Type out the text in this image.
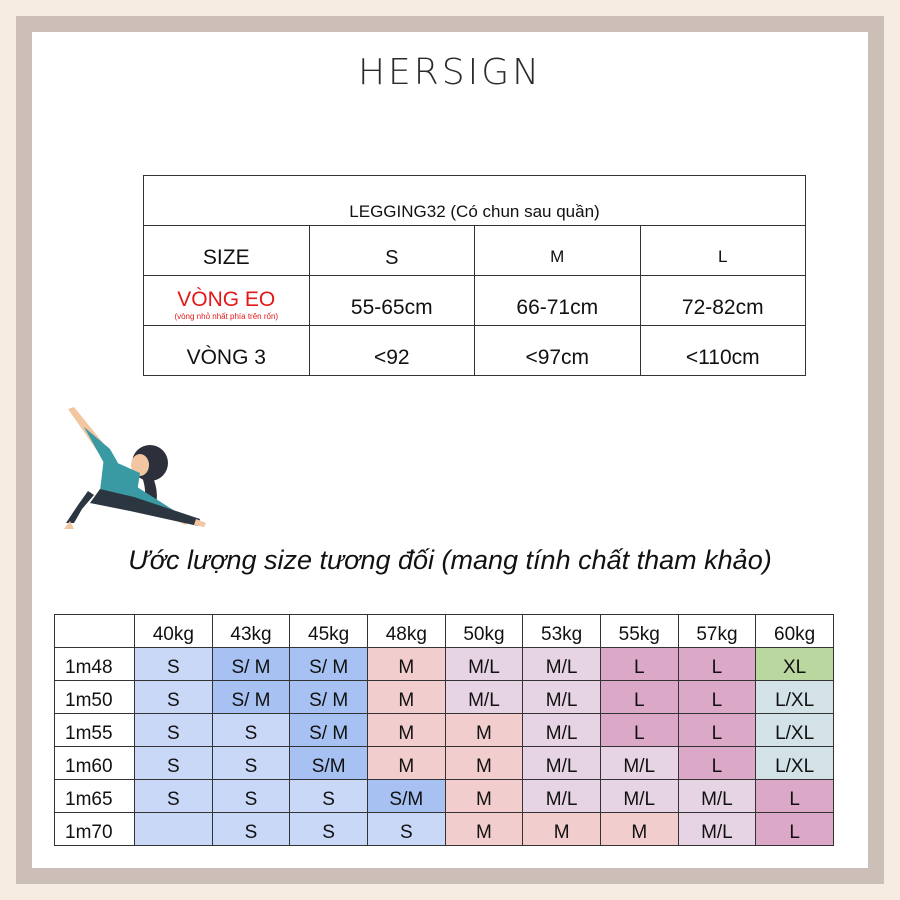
HERSIGN
LEGGING32 (Có chun sau quần)			
SIZE	S	M	L
VÒNG EO
(vòng nhỏ nhất phía trên rốn)	55-65cm	66-71cm	72-82cm
VÒNG 3	<92	<97cm	<110cm
Ước lượng size tương đối (mang tính chất tham khảo)
	40kg	43kg	45kg	48kg	50kg	53kg	55kg	57kg	60kg
1m48	S	S/ M	S/ M	M	M/L	M/L	L	L	XL
1m50	S	S/ M	S/ M	M	M/L	M/L	L	L	L/XL
1m55	S	S	S/ M	M	M	M/L	L	L	L/XL
1m60	S	S	S/M	M	M	M/L	M/L	L	L/XL
1m65	S	S	S	S/M	M	M/L	M/L	M/L	L
1m70		S	S	S	M	M	M	M/L	L
